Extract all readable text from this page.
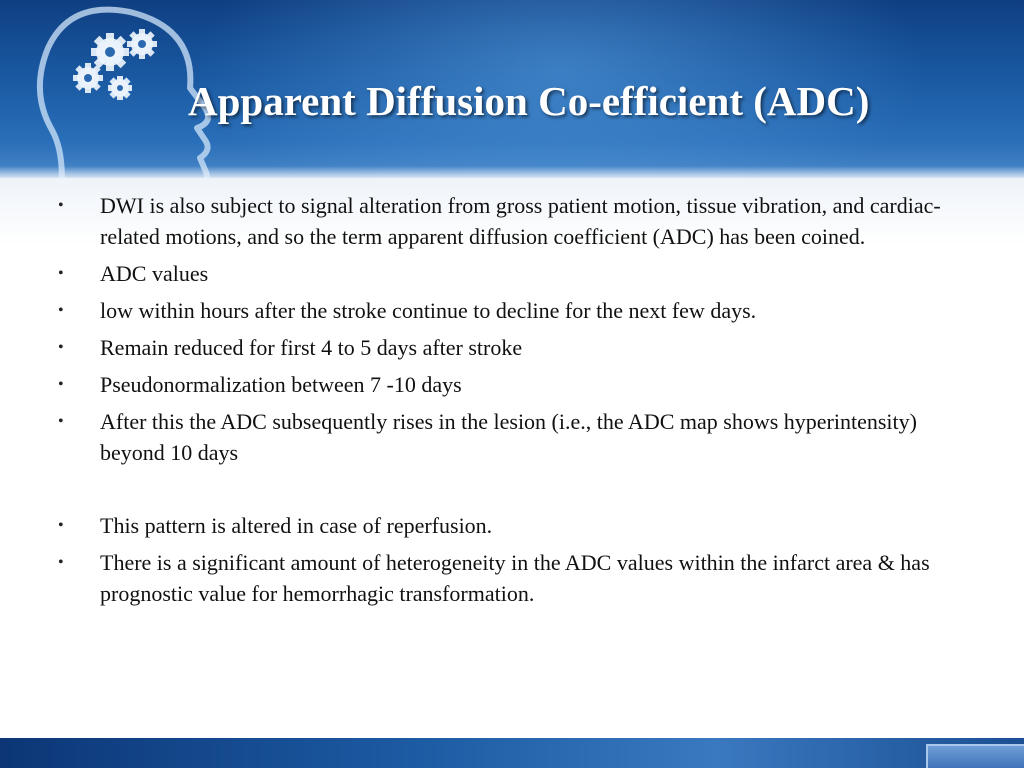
Apparent Diffusion Co-efficient (ADC)
• DWI is also subject to signal alteration from gross patient motion, tissue vibration, and cardiac-related motions, and so the term apparent diffusion coefficient (ADC) has been coined.
• ADC values
• low within hours after the stroke continue to decline for the next few days.
• Remain reduced for first 4 to 5 days after stroke
• Pseudonormalization between 7 -10 days
• After this the ADC subsequently rises in the lesion (i.e., the ADC map shows hyperintensity) beyond 10 days
• This pattern is altered in case of reperfusion.
• There is a significant amount of heterogeneity in the ADC values within the infarct area & has prognostic value for hemorrhagic transformation.
